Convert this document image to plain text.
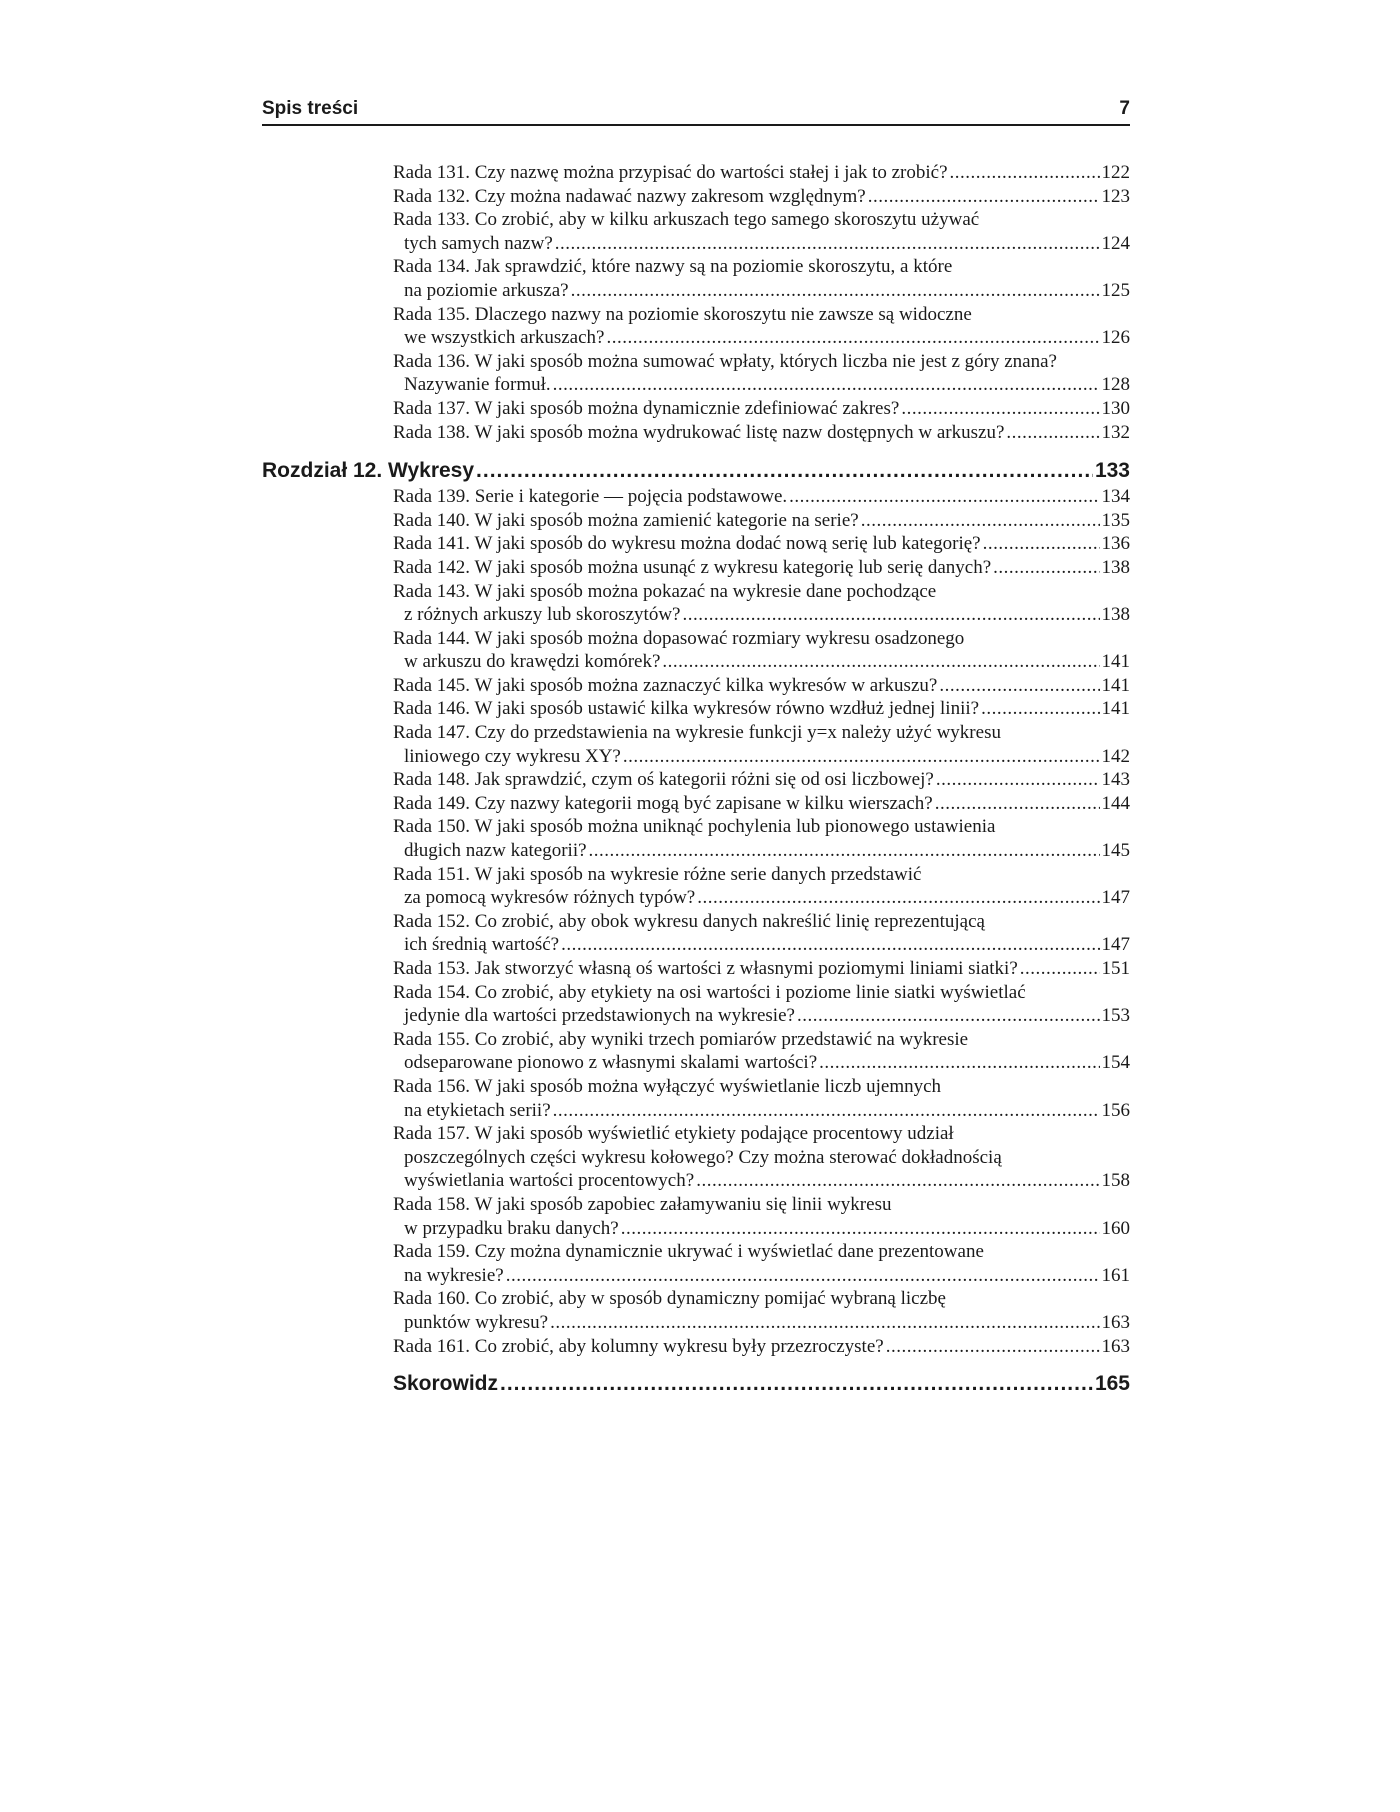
Spis treści	7
Rada 131. Czy nazwę można przypisać do wartości stałej i jak to zrobić? .....	122
Rada 132. Czy można nadawać nazwy zakresom względnym? .....	123
Rada 133. Co zrobić, aby w kilku arkuszach tego samego skoroszytu używać
tych samych nazw? .....	124
Rada 134. Jak sprawdzić, które nazwy są na poziomie skoroszytu, a które
na poziomie arkusza? .....	125
Rada 135. Dlaczego nazwy na poziomie skoroszytu nie zawsze są widoczne
we wszystkich arkuszach? .....	126
Rada 136. W jaki sposób można sumować wpłaty, których liczba nie jest z góry znana?
Nazywanie formuł. .....	128
Rada 137. W jaki sposób można dynamicznie zdefiniować zakres? .....	130
Rada 138. W jaki sposób można wydrukować listę nazw dostępnych w arkuszu? .....	132
Rozdział 12. Wykresy .....	133
Rada 139. Serie i kategorie — pojęcia podstawowe. .....	134
Rada 140. W jaki sposób można zamienić kategorie na serie? .....	135
Rada 141. W jaki sposób do wykresu można dodać nową serię lub kategorię? .....	136
Rada 142. W jaki sposób można usunąć z wykresu kategorię lub serię danych? .....	138
Rada 143. W jaki sposób można pokazać na wykresie dane pochodzące
z różnych arkuszy lub skoroszytów? .....	138
Rada 144. W jaki sposób można dopasować rozmiary wykresu osadzonego
w arkuszu do krawędzi komórek? .....	141
Rada 145. W jaki sposób można zaznaczyć kilka wykresów w arkuszu? .....	141
Rada 146. W jaki sposób ustawić kilka wykresów równo wzdłuż jednej linii? .....	141
Rada 147. Czy do przedstawienia na wykresie funkcji y=x należy użyć wykresu
liniowego czy wykresu XY? .....	142
Rada 148. Jak sprawdzić, czym oś kategorii różni się od osi liczbowej? .....	143
Rada 149. Czy nazwy kategorii mogą być zapisane w kilku wierszach? .....	144
Rada 150. W jaki sposób można uniknąć pochylenia lub pionowego ustawienia
długich nazw kategorii? .....	145
Rada 151. W jaki sposób na wykresie różne serie danych przedstawić
za pomocą wykresów różnych typów? .....	147
Rada 152. Co zrobić, aby obok wykresu danych nakreślić linię reprezentującą
ich średnią wartość? .....	147
Rada 153. Jak stworzyć własną oś wartości z własnymi poziomymi liniami siatki? .....	151
Rada 154. Co zrobić, aby etykiety na osi wartości i poziome linie siatki wyświetlać
jedynie dla wartości przedstawionych na wykresie? .....	153
Rada 155. Co zrobić, aby wyniki trzech pomiarów przedstawić na wykresie
odseparowane pionowo z własnymi skalami wartości? .....	154
Rada 156. W jaki sposób można wyłączyć wyświetlanie liczb ujemnych
na etykietach serii? .....	156
Rada 157. W jaki sposób wyświetlić etykiety podające procentowy udział
poszczególnych części wykresu kołowego? Czy można sterować dokładnością
wyświetlania wartości procentowych? .....	158
Rada 158. W jaki sposób zapobiec załamywaniu się linii wykresu
w przypadku braku danych? .....	160
Rada 159. Czy można dynamicznie ukrywać i wyświetlać dane prezentowane
na wykresie? .....	161
Rada 160. Co zrobić, aby w sposób dynamiczny pomijać wybraną liczbę
punktów wykresu? .....	163
Rada 161. Co zrobić, aby kolumny wykresu były przezroczyste? .....	163
Skorowidz .....	165
